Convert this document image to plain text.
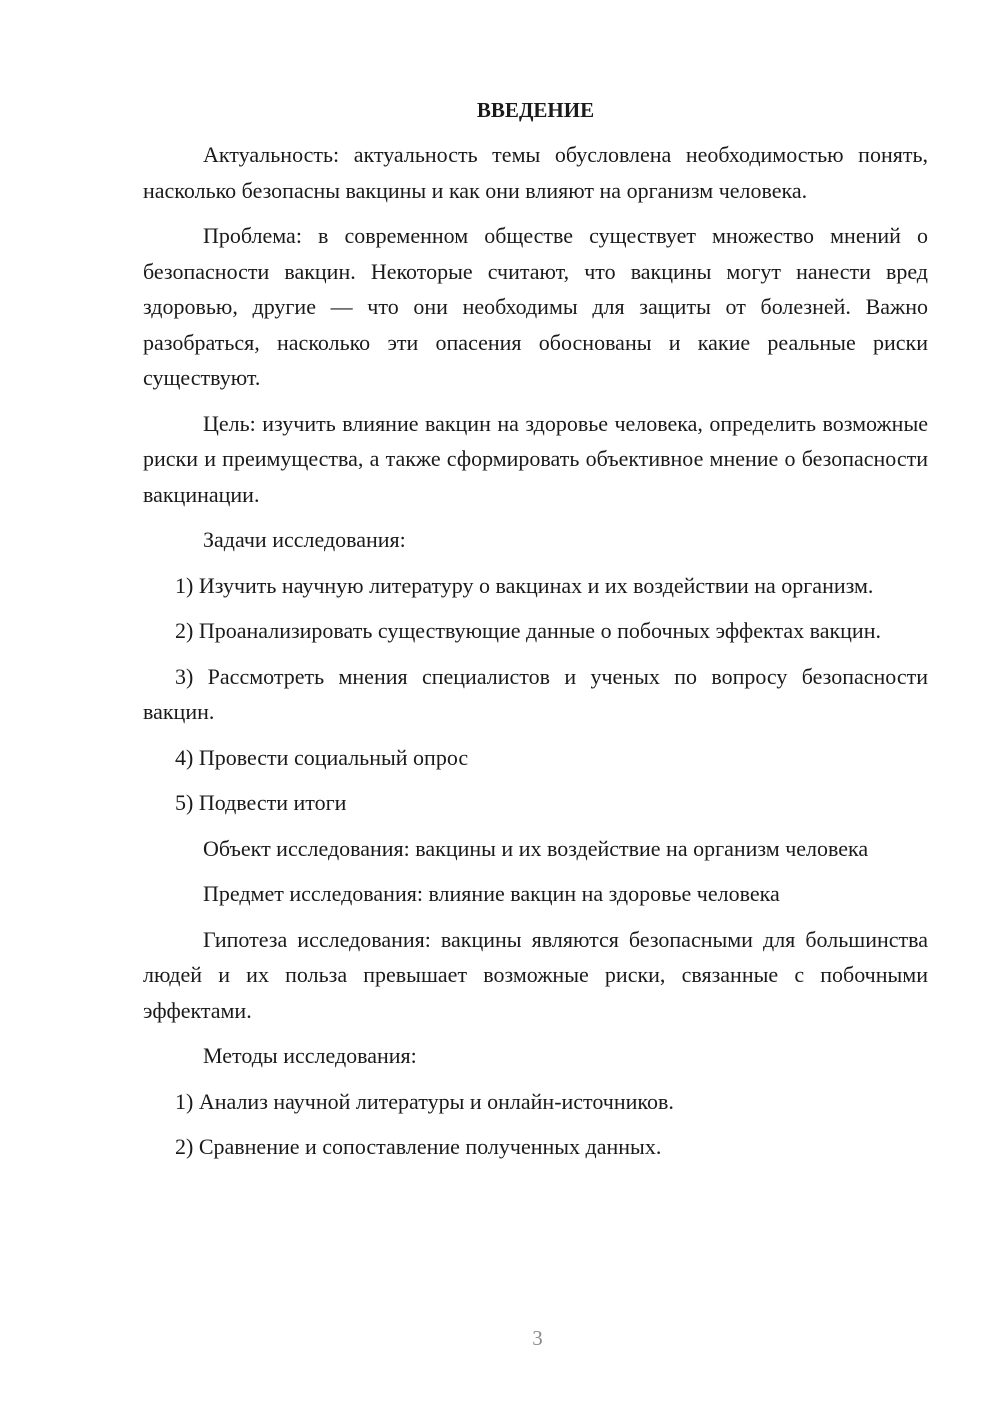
ВВЕДЕНИЕ

Актуальность: актуальность темы обусловлена необходимостью понять, насколько безопасны вакцины и как они влияют на организм человека.

Проблема: в современном обществе существует множество мнений о безопасности вакцин. Некоторые считают, что вакцины могут нанести вред здоровью, другие — что они необходимы для защиты от болезней. Важно разобраться, насколько эти опасения обоснованы и какие реальные риски существуют.

Цель: изучить влияние вакцин на здоровье человека, определить возможные риски и преимущества, а также сформировать объективное мнение о безопасности вакцинации.

Задачи исследования:

1) Изучить научную литературу о вакцинах и их воздействии на организм.

2) Проанализировать существующие данные о побочных эффектах вакцин.

3) Рассмотреть мнения специалистов и ученых по вопросу безопасности вакцин.

4) Провести социальный опрос

5) Подвести итоги

Объект исследования: вакцины и их воздействие на организм человека

Предмет исследования: влияние вакцин на здоровье человека

Гипотеза исследования: вакцины являются безопасными для большинства людей и их польза превышает возможные риски, связанные с побочными эффектами.

Методы исследования:

1) Анализ научной литературы и онлайн-источников.

2) Сравнение и сопоставление полученных данных.

3
